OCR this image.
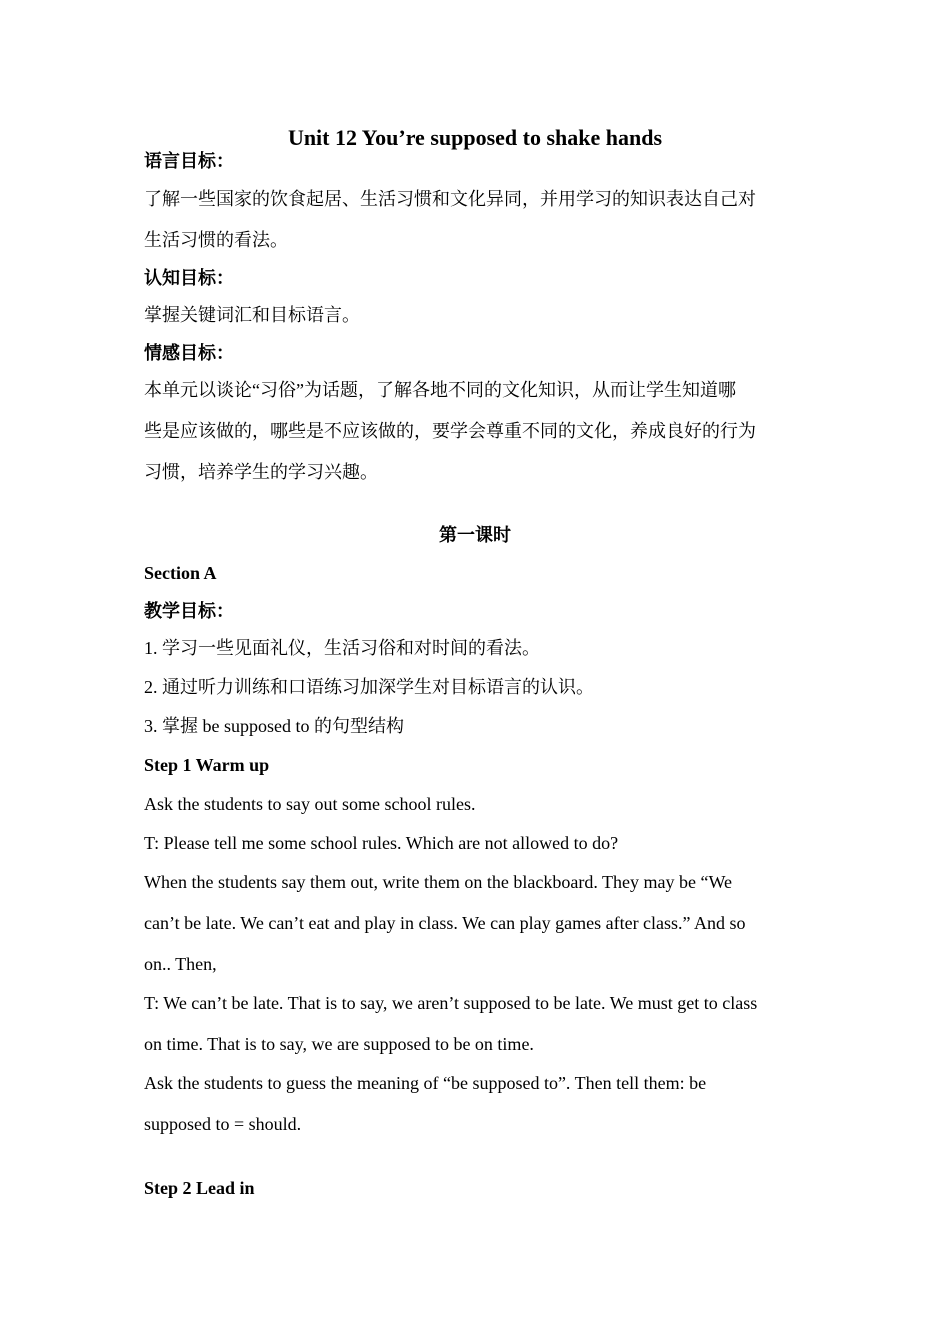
Unit 12 You’re supposed to shake hands
语言目标：
了解一些国家的饮食起居、生活习惯和文化异同，并用学习的知识表达自己对
生活习惯的看法。
认知目标：
掌握关键词汇和目标语言。
情感目标：
本单元以谈论“习俗”为话题，了解各地不同的文化知识，从而让学生知道哪
些是应该做的，哪些是不应该做的，要学会尊重不同的文化，养成良好的行为
习惯，培养学生的学习兴趣。
第一课时
Section A
教学目标：
1. 学习一些见面礼仪，生活习俗和对时间的看法。
2. 通过听力训练和口语练习加深学生对目标语言的认识。
3. 掌握 be supposed to 的句型结构
Step 1 Warm up
Ask the students to say out some school rules.
T: Please tell me some school rules. Which are not allowed to do?
When the students say them out, write them on the blackboard. They may be “We
can’t be late. We can’t eat and play in class. We can play games after class.” And so
on.. Then,
T: We can’t be late. That is to say, we aren’t supposed to be late. We must get to class
on time. That is to say, we are supposed to be on time.
Ask the students to guess the meaning of “be supposed to”. Then tell them: be
supposed to = should.
Step 2 Lead in
